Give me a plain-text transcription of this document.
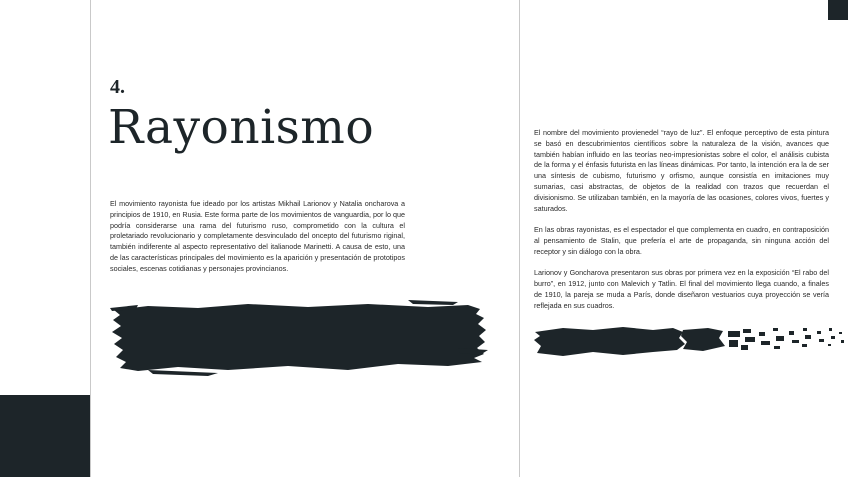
4.
Rayonismo

El movimiento rayonista fue ideado por los artistas Mikhail Larionov y Natalia oncharova a principios de 1910, en Rusia. Este forma parte de los movimientos de vanguardia, por lo que podría considerarse una rama del futurismo ruso, comprometido con la cultura el proletariado revolucionario y completamente desvinculado del oncepto del futurismo riginal, también indiferente al aspecto representativo del italianode Marinetti. A causa de esto, una de las características principales del movimiento es la aparición y presentación de prototipos sociales, escenas cotidianas y personajes provincianos.

El nombre del movimiento provienedel “rayo de luz”. El enfoque perceptivo de esta pintura se basó en descubrimientos científicos sobre la naturaleza de la visión, avances que también habían influido en las teorías neo-impresionistas sobre el color, el análisis cubista de la forma y el énfasis futurista en las líneas dinámicas. Por tanto, la intención era la de ser una síntesis de cubismo, futurismo y orfismo, aunque consistía en imitaciones muy sumarias, casi abstractas, de objetos de la realidad con trazos que recuerdan el divisionismo. Se utilizaban también, en la mayoría de las ocasiones, colores vivos, fuertes y saturados.

En las obras rayonistas, es el espectador el que complementa en cuadro, en contraposición al pensamiento de Stalin, que prefería el arte de propaganda, sin ninguna acción del receptor y sin diálogo con la obra.

Larionov y Goncharova presentaron sus obras por primera vez en la exposición “El rabo del burro”, en 1912, junto con Malevich y Tatlin. El final del movimiento llega cuando, a finales de 1910, la pareja se muda a París, donde diseñaron vestuarios cuya proyección se vería reflejada en sus cuadros.
